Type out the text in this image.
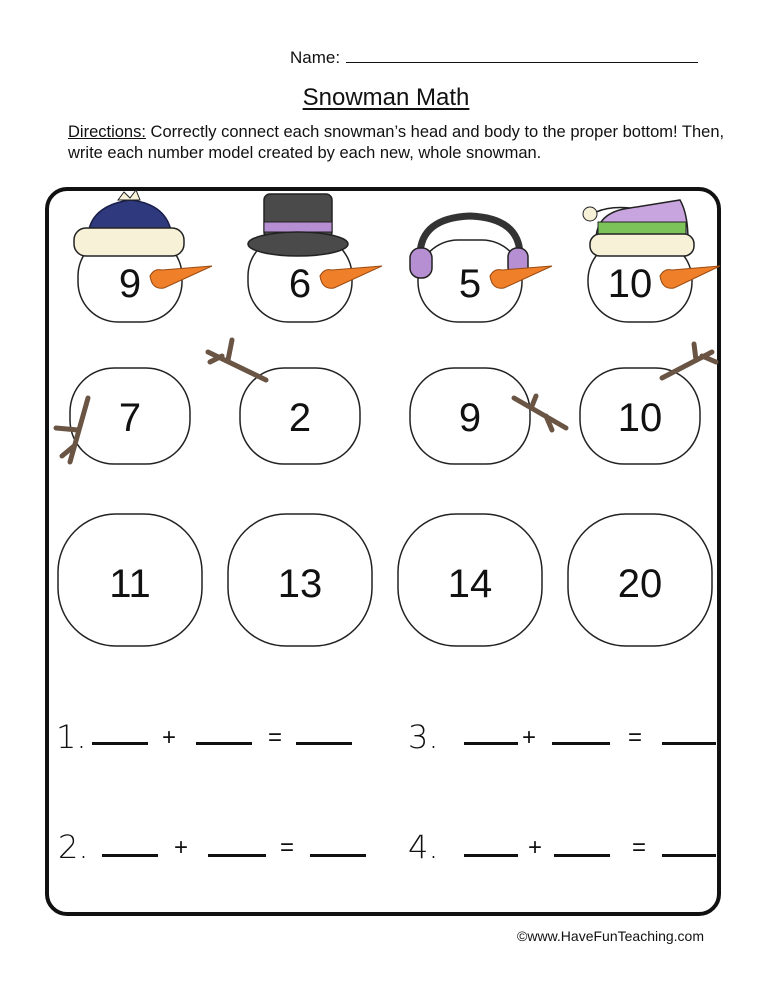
Name:
Snowman Math
Directions: Correctly connect each snowman’s head and body to the proper bottom! Then, write each number model created by each new, whole snowman.
9	6	5	10
7	2	9	10
11	13	14	20
1.	+	=	3.	+	=
2.	+	=	4.	+	=
©www.HaveFunTeaching.com
